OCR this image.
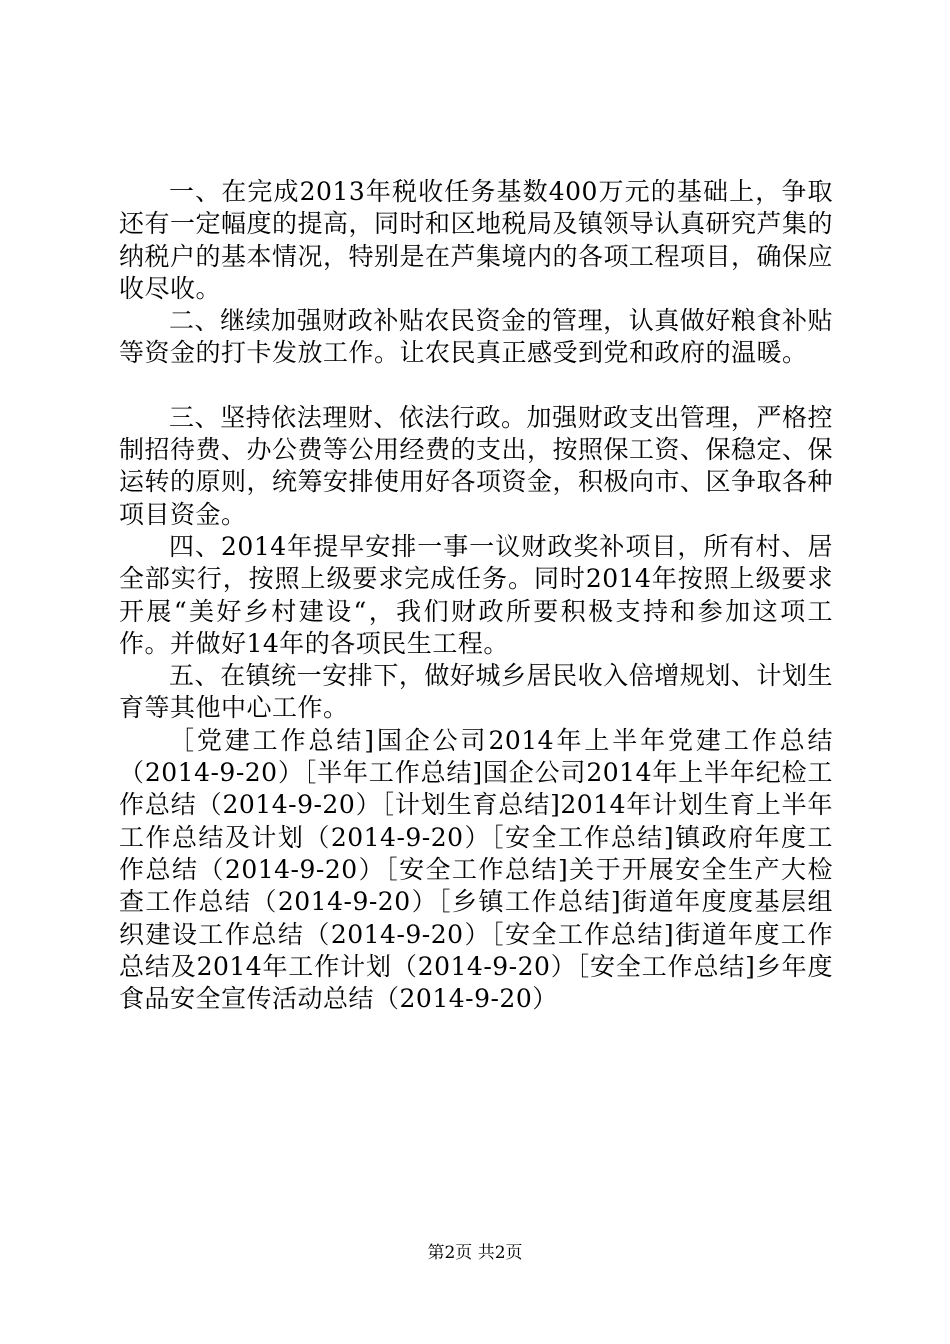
一、在完成2013年税收任务基数400万元的基础上，争取还有一定幅度的提高，同时和区地税局及镇领导认真研究芦集的纳税户的基本情况，特别是在芦集境内的各项工程项目，确保应收尽收。

二、继续加强财政补贴农民资金的管理，认真做好粮食补贴等资金的打卡发放工作。让农民真正感受到党和政府的温暖。

三、坚持依法理财、依法行政。加强财政支出管理，严格控制招待费、办公费等公用经费的支出，按照保工资、保稳定、保运转的原则，统筹安排使用好各项资金，积极向市、区争取各种项目资金。

四、2014年提早安排一事一议财政奖补项目，所有村、居全部实行，按照上级要求完成任务。同时2014年按照上级要求开展“美好乡村建设“，我们财政所要积极支持和参加这项工作。并做好14年的各项民生工程。

五、在镇统一安排下，做好城乡居民收入倍增规划、计划生育等其他中心工作。

［党建工作总结]国企公司2014年上半年党建工作总结（2014-9-20）［半年工作总结]国企公司2014年上半年纪检工作总结（2014-9-20）［计划生育总结]2014年计划生育上半年工作总结及计划（2014-9-20）［安全工作总结]镇政府年度工作总结（2014-9-20）［安全工作总结]关于开展安全生产大检查工作总结（2014-9-20）［乡镇工作总结]街道年度度基层组织建设工作总结（2014-9-20）［安全工作总结]街道年度工作总结及2014年工作计划（2014-9-20）［安全工作总结]乡年度食品安全宣传活动总结（2014-9-20）

第2页 共2页
